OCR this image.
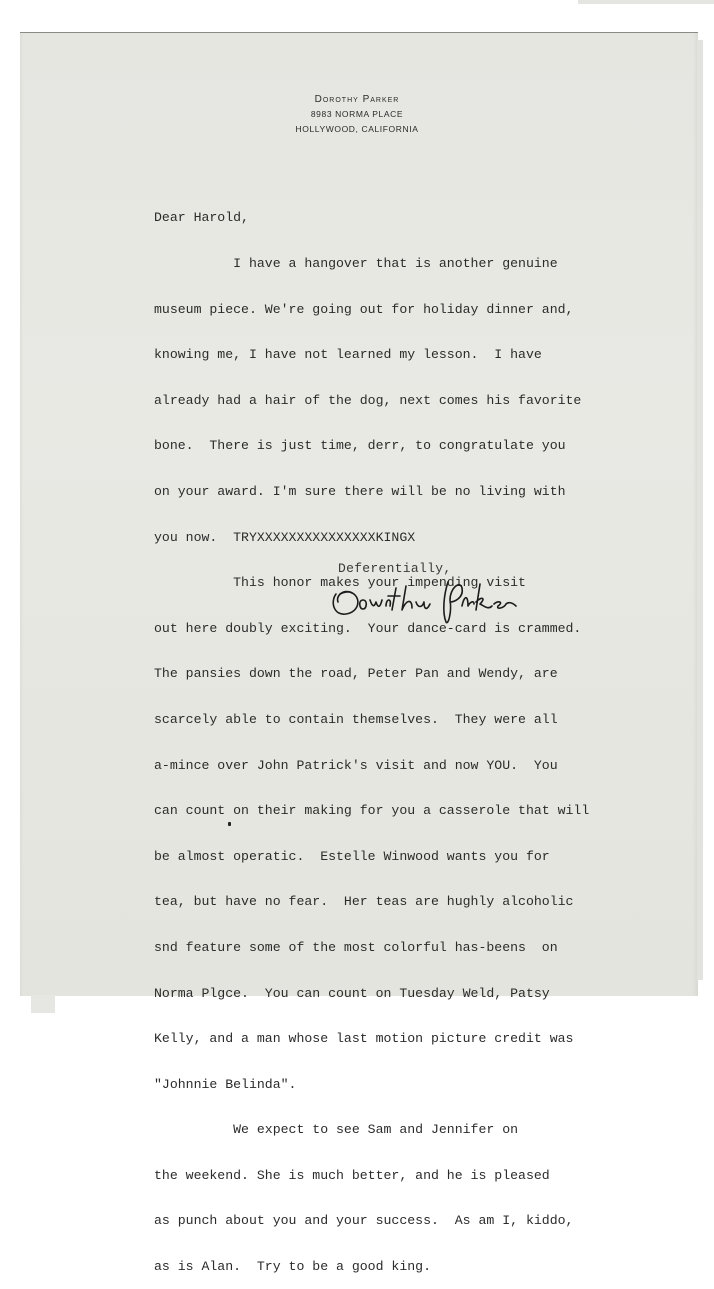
Dorothy Parker
8983 NORMA PLACE
HOLLYWOOD, CALIFORNIA

Dear Harold,

I have a hangover that is another genuine

museum piece. We're going out for holiday dinner and,

knowing me, I have not learned my lesson.  I have

already had a hair of the dog, next comes his favorite

bone.  There is just time, derr, to congratulate you

on your award. I'm sure there will be no living with

you now.  TRYXXXXXXXXXXXXXXXKINGX

This honor makes your impending visit

out here doubly exciting.  Your dance-card is crammed.

The pansies down the road, Peter Pan and Wendy, are

scarcely able to contain themselves.  They were all

a-mince over John Patrick's visit and now YOU.  You

can count on their making for you a casserole that will

be almost operatic.  Estelle Winwood wants you for

tea, but have no fear.  Her teas are hughly alcoholic

snd feature some of the most colorful has-beens  on

Norma Plgce.  You can count on Tuesday Weld, Patsy

Kelly, and a man whose last motion picture credit was

"Johnnie Belinda".

We expect to see Sam and Jennifer on

the weekend. She is much better, and he is pleased

as punch about you and your success.  As am I, kiddo,

as is Alan.  Try to be a good king.

Deferentially,
